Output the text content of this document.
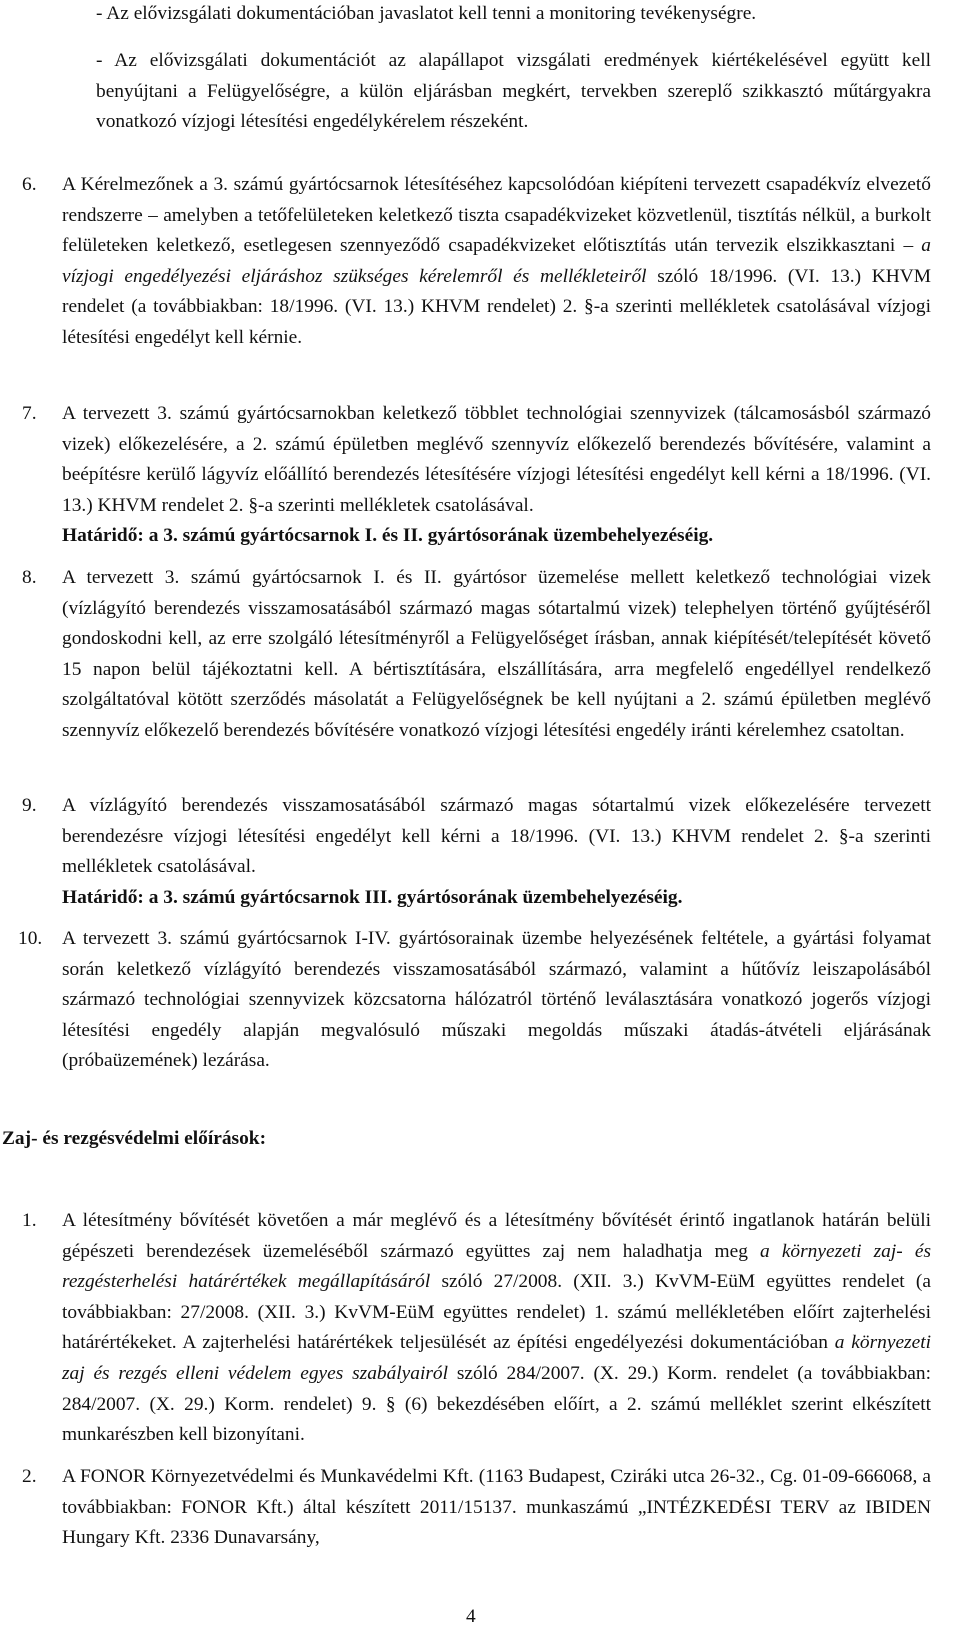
- Az elővizsgálati dokumentációban javaslatot kell tenni a monitoring tevékenységre.
- Az elővizsgálati dokumentációt az alapállapot vizsgálati eredmények kiértékelésével együtt kell benyújtani a Felügyelőségre, a külön eljárásban megkért, tervekben szereplő szikkasztó műtárgyakra vonatkozó vízjogi létesítési engedélykérelem részeként.
6.	A Kérelmezőnek a 3. számú gyártócsarnok létesítéséhez kapcsolódóan kiépíteni tervezett csapadékvíz elvezető rendszerre – amelyben a tetőfelületeken keletkező tiszta csapadékvizeket közvetlenül, tisztítás nélkül, a burkolt felületeken keletkező, esetlegesen szennyeződő csapadékvizeket előtisztítás után tervezik elszikkasztani – a vízjogi engedélyezési eljáráshoz szükséges kérelemről és mellékleteiről szóló 18/1996. (VI. 13.) KHVM rendelet (a továbbiakban: 18/1996. (VI. 13.) KHVM rendelet) 2. §-a szerinti mellékletek csatolásával vízjogi létesítési engedélyt kell kérnie.
7.	A tervezett 3. számú gyártócsarnokban keletkező többlet technológiai szennyvizek (tálcamosásból származó vizek) előkezelésére, a 2. számú épületben meglévő szennyvíz előkezelő berendezés bővítésére, valamint a beépítésre kerülő lágyvíz előállító berendezés létesítésére vízjogi létesítési engedélyt kell kérni a 18/1996. (VI. 13.) KHVM rendelet 2. §-a szerinti mellékletek csatolásával.
Határidő: a 3. számú gyártócsarnok I. és II. gyártósorának üzembehelyezéséig.
8.	A tervezett 3. számú gyártócsarnok I. és II. gyártósor üzemelése mellett keletkező technológiai vizek (vízlágyító berendezés visszamosatásából származó magas sótartalmú vizek) telephelyen történő gyűjtéséről gondoskodni kell, az erre szolgáló létesítményről a Felügyelőséget írásban, annak kiépítését/telepítését követő 15 napon belül tájékoztatni kell. A bértisztítására, elszállítására, arra megfelelő engedéllyel rendelkező szolgáltatóval kötött szerződés másolatát a Felügyelőségnek be kell nyújtani a 2. számú épületben meglévő szennyvíz előkezelő berendezés bővítésére vonatkozó vízjogi létesítési engedély iránti kérelemhez csatoltan.
9.	A vízlágyító berendezés visszamosatásából származó magas sótartalmú vizek előkezelésére tervezett berendezésre vízjogi létesítési engedélyt kell kérni a 18/1996. (VI. 13.) KHVM rendelet 2. §-a szerinti mellékletek csatolásával.
Határidő: a 3. számú gyártócsarnok III. gyártósorának üzembehelyezéséig.
10.	A tervezett 3. számú gyártócsarnok I-IV. gyártósorainak üzembe helyezésének feltétele, a gyártási folyamat során keletkező vízlágyító berendezés visszamosatásából származó, valamint a hűtővíz leiszapolásából származó technológiai szennyvizek közcsatorna hálózatról történő leválasztására vonatkozó jogerős vízjogi létesítési engedély alapján megvalósuló műszaki megoldás műszaki átadás-átvételi eljárásának (próbaüzemének) lezárása.
Zaj- és rezgésvédelmi előírások:
1.	A létesítmény bővítését követően a már meglévő és a létesítmény bővítését érintő ingatlanok határán belüli gépészeti berendezések üzemeléséből származó együttes zaj nem haladhatja meg a környezeti zaj- és rezgésterhelési határértékek megállapításáról szóló 27/2008. (XII. 3.) KvVM-EüM együttes rendelet (a továbbiakban: 27/2008. (XII. 3.) KvVM-EüM együttes rendelet) 1. számú mellékletében előírt zajterhelési határértékeket. A zajterhelési határértékek teljesülését az építési engedélyezési dokumentációban a környezeti zaj és rezgés elleni védelem egyes szabályairól szóló 284/2007. (X. 29.) Korm. rendelet (a továbbiakban: 284/2007. (X. 29.) Korm. rendelet) 9. § (6) bekezdésében előírt, a 2. számú melléklet szerint elkészített munkarészben kell bizonyítani.
2.	A FONOR Környezetvédelmi és Munkavédelmi Kft. (1163 Budapest, Cziráki utca 26-32., Cg. 01-09-666068, a továbbiakban: FONOR Kft.) által készített 2011/15137. munkaszámú „INTÉZKEDÉSI TERV az IBIDEN Hungary Kft. 2336 Dunavarsány,
4
